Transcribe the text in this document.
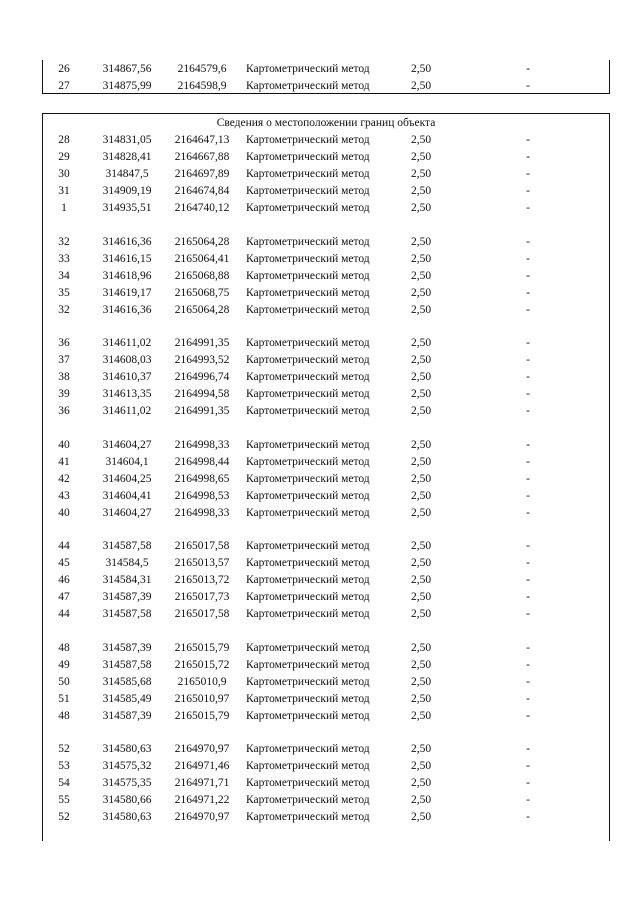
26	314867,56	2164579,6	Картометрический метод	2,50	-
27	314875,99	2164598,9	Картометрический метод	2,50	-
Сведения о местоположении границ объекта
28	314831,05	2164647,13	Картометрический метод	2,50	-
29	314828,41	2164667,88	Картометрический метод	2,50	-
30	314847,5	2164697,89	Картометрический метод	2,50	-
31	314909,19	2164674,84	Картометрический метод	2,50	-
1	314935,51	2164740,12	Картометрический метод	2,50	-
32	314616,36	2165064,28	Картометрический метод	2,50	-
33	314616,15	2165064,41	Картометрический метод	2,50	-
34	314618,96	2165068,88	Картометрический метод	2,50	-
35	314619,17	2165068,75	Картометрический метод	2,50	-
32	314616,36	2165064,28	Картометрический метод	2,50	-
36	314611,02	2164991,35	Картометрический метод	2,50	-
37	314608,03	2164993,52	Картометрический метод	2,50	-
38	314610,37	2164996,74	Картометрический метод	2,50	-
39	314613,35	2164994,58	Картометрический метод	2,50	-
36	314611,02	2164991,35	Картометрический метод	2,50	-
40	314604,27	2164998,33	Картометрический метод	2,50	-
41	314604,1	2164998,44	Картометрический метод	2,50	-
42	314604,25	2164998,65	Картометрический метод	2,50	-
43	314604,41	2164998,53	Картометрический метод	2,50	-
40	314604,27	2164998,33	Картометрический метод	2,50	-
44	314587,58	2165017,58	Картометрический метод	2,50	-
45	314584,5	2165013,57	Картометрический метод	2,50	-
46	314584,31	2165013,72	Картометрический метод	2,50	-
47	314587,39	2165017,73	Картометрический метод	2,50	-
44	314587,58	2165017,58	Картометрический метод	2,50	-
48	314587,39	2165015,79	Картометрический метод	2,50	-
49	314587,58	2165015,72	Картометрический метод	2,50	-
50	314585,68	2165010,9	Картометрический метод	2,50	-
51	314585,49	2165010,97	Картометрический метод	2,50	-
48	314587,39	2165015,79	Картометрический метод	2,50	-
52	314580,63	2164970,97	Картометрический метод	2,50	-
53	314575,32	2164971,46	Картометрический метод	2,50	-
54	314575,35	2164971,71	Картометрический метод	2,50	-
55	314580,66	2164971,22	Картометрический метод	2,50	-
52	314580,63	2164970,97	Картометрический метод	2,50	-
